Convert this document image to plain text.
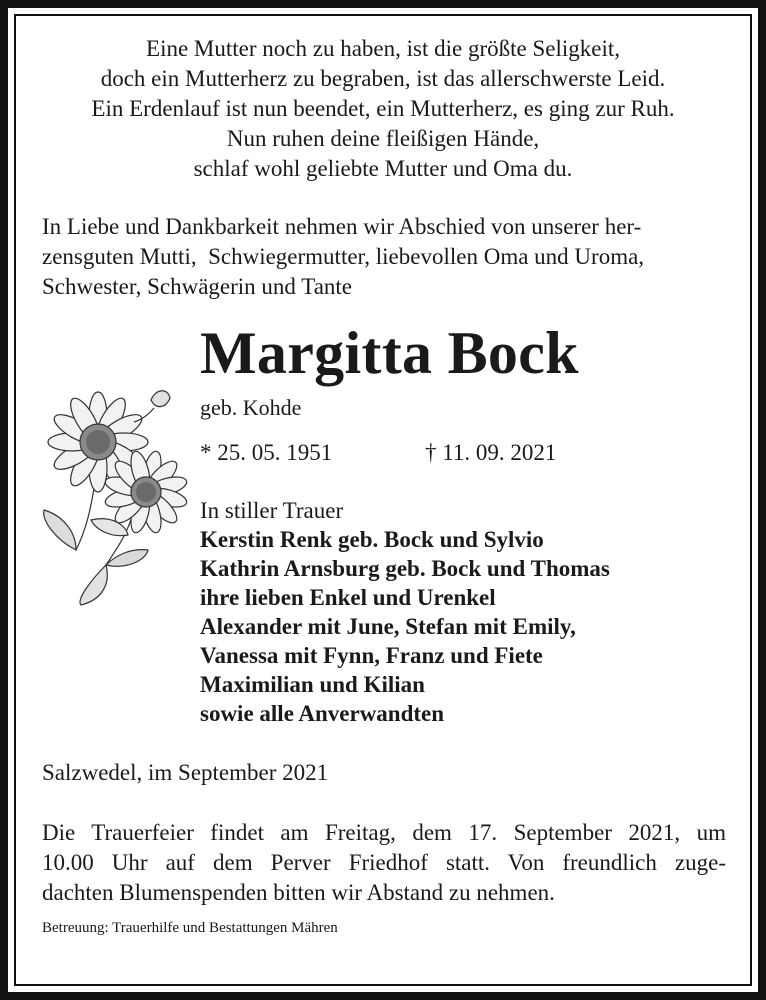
Eine Mutter noch zu haben, ist die größte Seligkeit,
doch ein Mutterherz zu begraben, ist das allerschwerste Leid.
Ein Erdenlauf ist nun beendet, ein Mutterherz, es ging zur Ruh.
Nun ruhen deine fleißigen Hände,
schlaf wohl geliebte Mutter und Oma du.
In Liebe und Dankbarkeit nehmen wir Abschied von unserer her-
zensguten Mutti,  Schwiegermutter, liebevollen Oma und Uroma,
Schwester, Schwägerin und Tante
Margitta Bock
geb. Kohde
* 25. 05. 1951	† 11. 09. 2021
In stiller Trauer
Kerstin Renk geb. Bock und Sylvio
Kathrin Arnsburg geb. Bock und Thomas
ihre lieben Enkel und Urenkel
Alexander mit June, Stefan mit Emily,
Vanessa mit Fynn, Franz und Fiete
Maximilian und Kilian
sowie alle Anverwandten
Salzwedel, im September 2021
Die Trauerfeier findet am Freitag, dem 17. September 2021, um
10.00 Uhr auf dem Perver Friedhof statt. Von freundlich zuge-
dachten Blumenspenden bitten wir Abstand zu nehmen.
Betreuung: Trauerhilfe und Bestattungen Mähren
